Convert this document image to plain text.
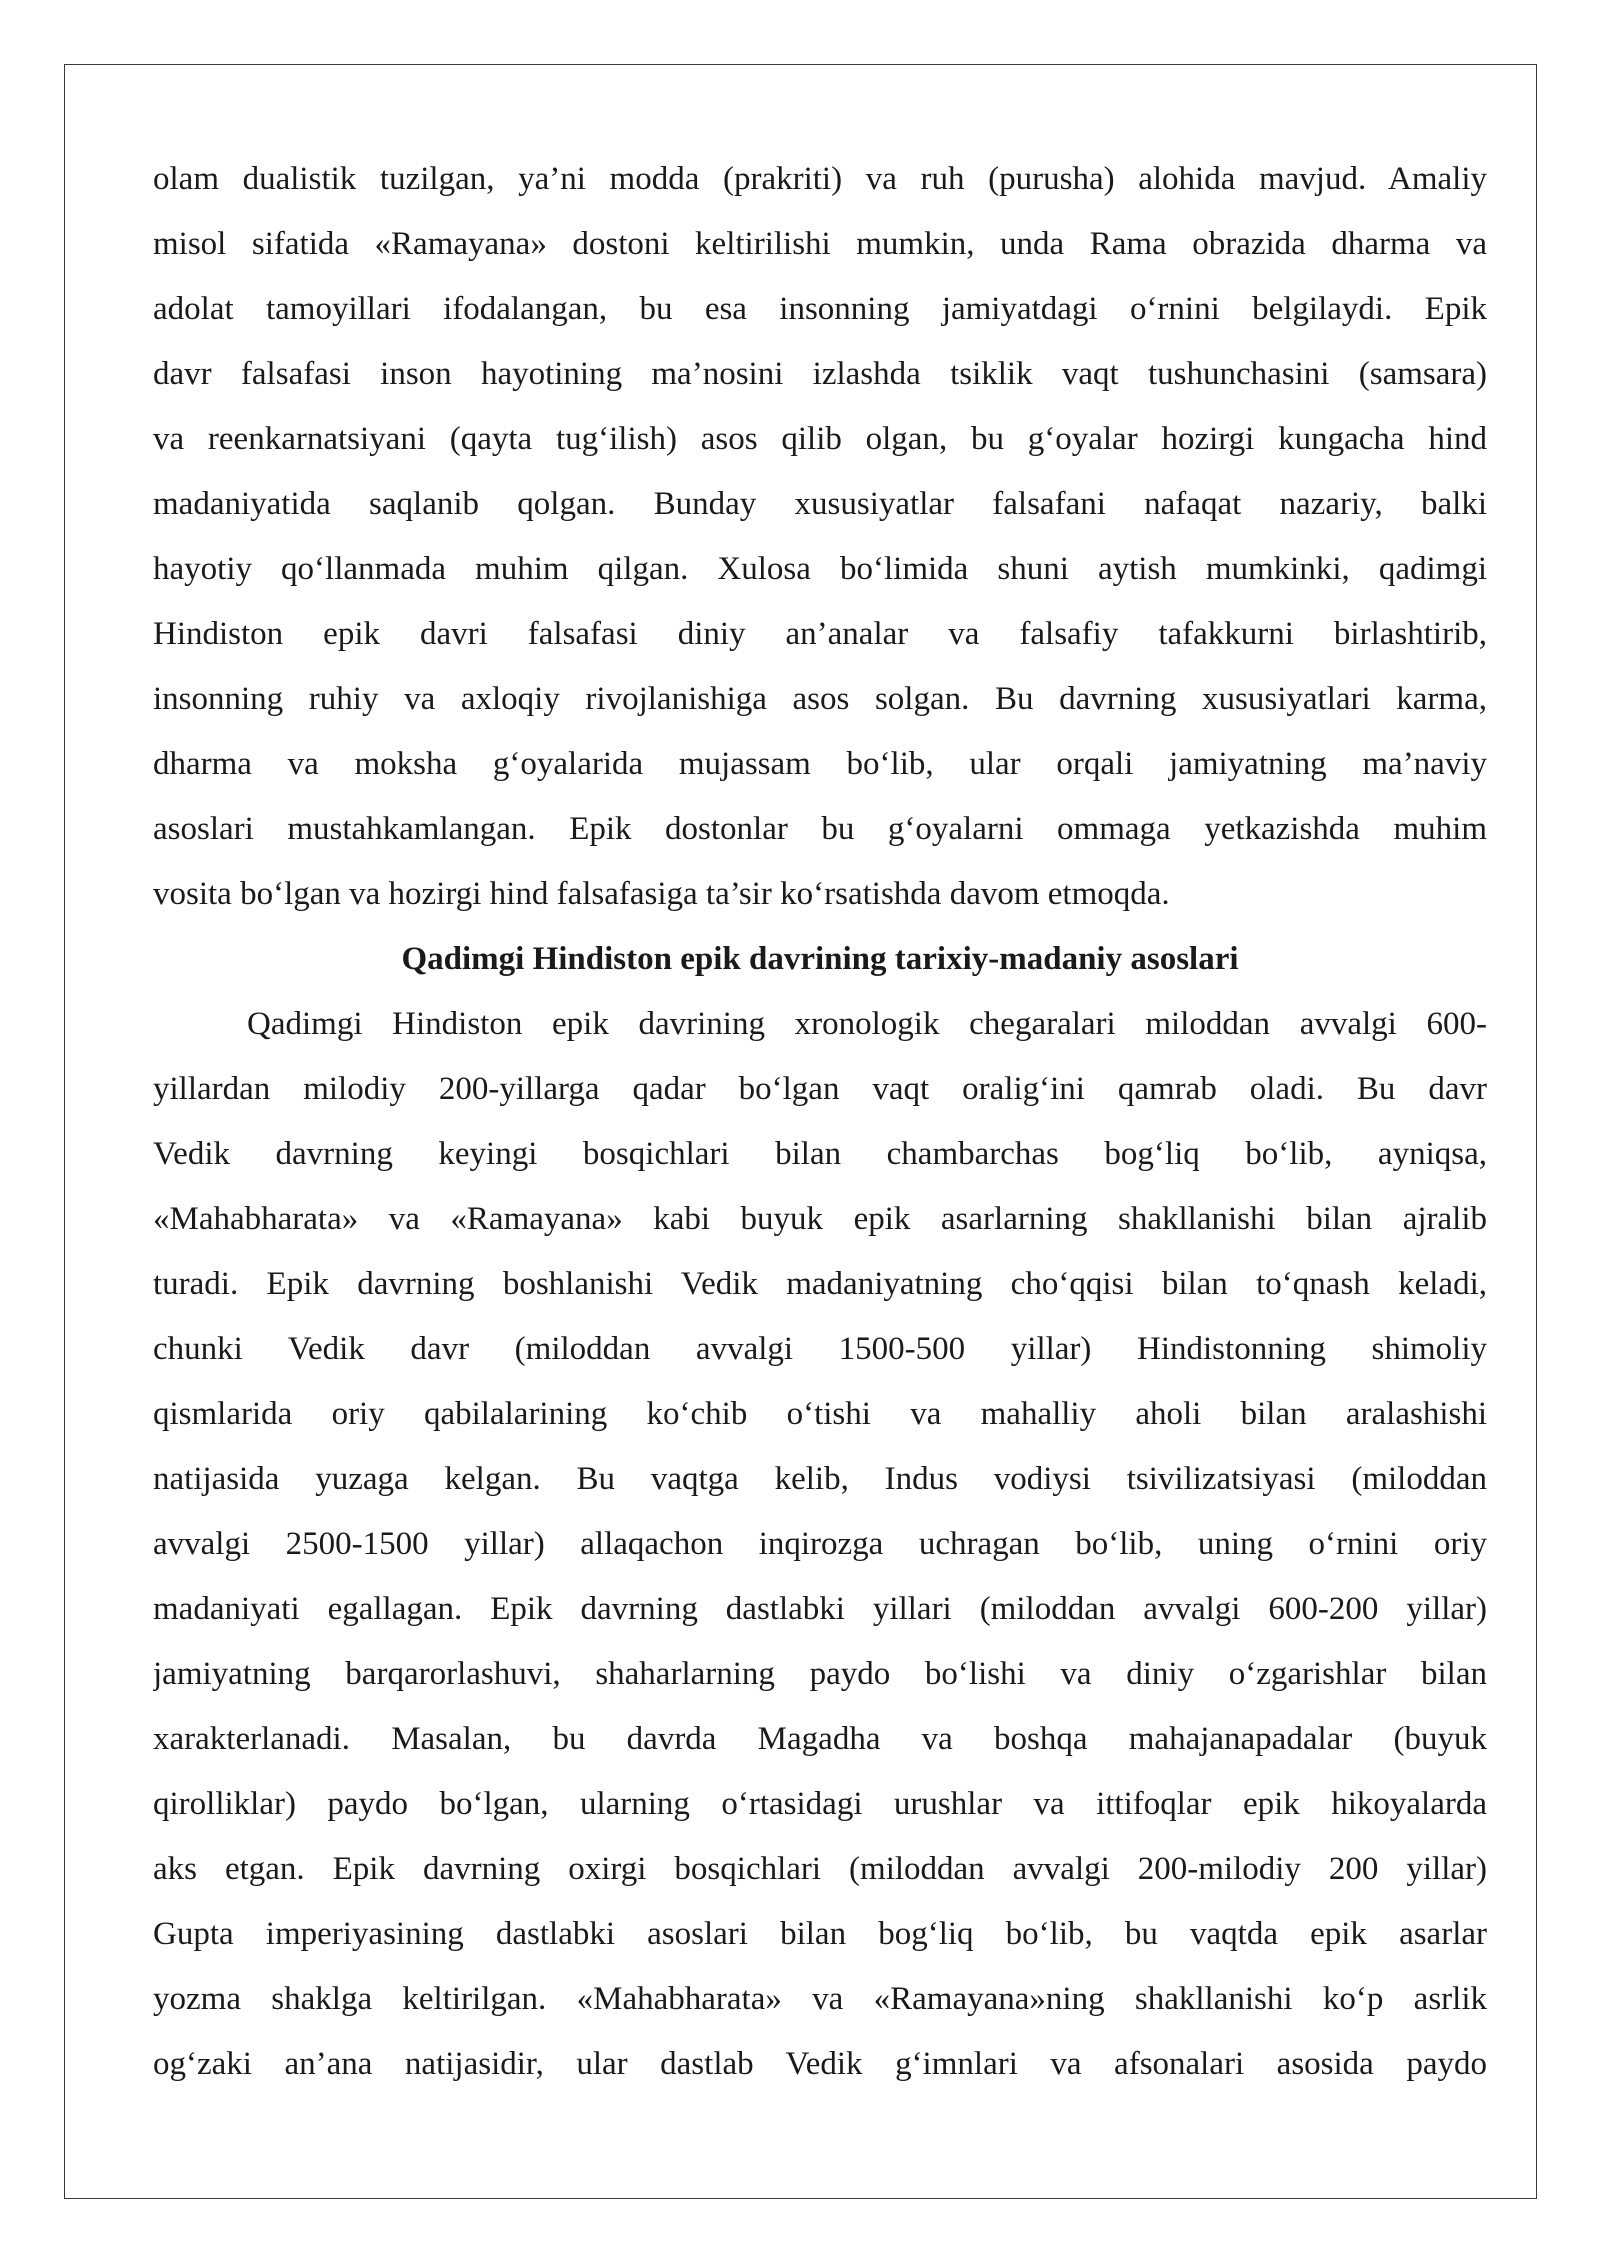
olam dualistik tuzilgan, ya’ni modda (prakriti) va ruh (purusha) alohida mavjud. Amaliy
misol sifatida «Ramayana» dostoni keltirilishi mumkin, unda Rama obrazida dharma va
adolat tamoyillari ifodalangan, bu esa insonning jamiyatdagi o‘rnini belgilaydi. Epik
davr falsafasi inson hayotining ma’nosini izlashda tsiklik vaqt tushunchasini (samsara)
va reenkarnatsiyani (qayta tug‘ilish) asos qilib olgan, bu g‘oyalar hozirgi kungacha hind
madaniyatida saqlanib qolgan. Bunday xususiyatlar falsafani nafaqat nazariy, balki
hayotiy qo‘llanmada muhim qilgan. Xulosa bo‘limida shuni aytish mumkinki, qadimgi
Hindiston epik davri falsafasi diniy an’analar va falsafiy tafakkurni birlashtirib,
insonning ruhiy va axloqiy rivojlanishiga asos solgan. Bu davrning xususiyatlari karma,
dharma va moksha g‘oyalarida mujassam bo‘lib, ular orqali jamiyatning ma’naviy
asoslari mustahkamlangan. Epik dostonlar bu g‘oyalarni ommaga yetkazishda muhim
vosita bo‘lgan va hozirgi hind falsafasiga ta’sir ko‘rsatishda davom etmoqda.
Qadimgi Hindiston epik davrining tarixiy-madaniy asoslari
Qadimgi Hindiston epik davrining xronologik chegaralari miloddan avvalgi 600-
yillardan milodiy 200-yillarga qadar bo‘lgan vaqt oralig‘ini qamrab oladi. Bu davr
Vedik davrning keyingi bosqichlari bilan chambarchas bog‘liq bo‘lib, ayniqsa,
«Mahabharata» va «Ramayana» kabi buyuk epik asarlarning shakllanishi bilan ajralib
turadi. Epik davrning boshlanishi Vedik madaniyatning cho‘qqisi bilan to‘qnash keladi,
chunki Vedik davr (miloddan avvalgi 1500-500 yillar) Hindistonning shimoliy
qismlarida oriy qabilalarining ko‘chib o‘tishi va mahalliy aholi bilan aralashishi
natijasida yuzaga kelgan. Bu vaqtga kelib, Indus vodiysi tsivilizatsiyasi (miloddan
avvalgi 2500-1500 yillar) allaqachon inqirozga uchragan bo‘lib, uning o‘rnini oriy
madaniyati egallagan. Epik davrning dastlabki yillari (miloddan avvalgi 600-200 yillar)
jamiyatning barqarorlashuvi, shaharlarning paydo bo‘lishi va diniy o‘zgarishlar bilan
xarakterlanadi. Masalan, bu davrda Magadha va boshqa mahajanapadalar (buyuk
qirolliklar) paydo bo‘lgan, ularning o‘rtasidagi urushlar va ittifoqlar epik hikoyalarda
aks etgan. Epik davrning oxirgi bosqichlari (miloddan avvalgi 200-milodiy 200 yillar)
Gupta imperiyasining dastlabki asoslari bilan bog‘liq bo‘lib, bu vaqtda epik asarlar
yozma shaklga keltirilgan. «Mahabharata» va «Ramayana»ning shakllanishi ko‘p asrlik
og‘zaki an’ana natijasidir, ular dastlab Vedik g‘imnlari va afsonalari asosida paydo
